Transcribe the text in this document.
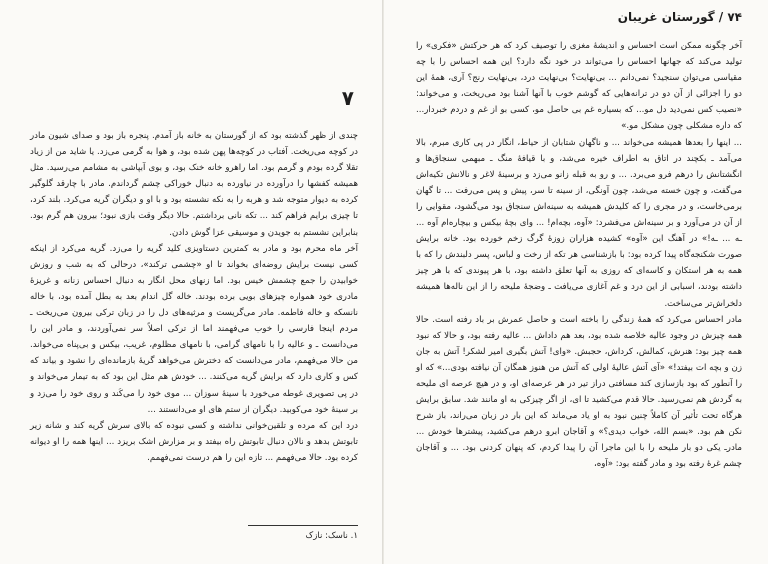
۷

چندی از ظهر گذشته بود که از گورستان به خانه باز آمدم. پنجره باز بود و صدای شیون مادر در کوچه می‌ریخت. آفتاب در کوچه‌ها پهن شده بود، و هوا به گرمی می‌زد. یا شاید من از زیاد تقلا گرده بودم و گرمم بود. اما راهرو خانه خنک بود، و بوی آبپاشی به مشامم می‌رسید. مثل همیشه کفشها را درآورده در نیاورده به دنبال خوراکی چشم گرداندم. مادر با چارقد گلوگیر کرده به دیوار متوجه شد و هربه را به نکه نشسته بود و با او و دیگران گریه می‌کرد. بلند کرد، تا چیزی برایم فراهم کند ... تکه نانی برداشتم. حالا دیگر وقت بازی نبود؛ بیرون هم گرم بود. بنابراین نشستم به جویدن و موسیقی عزا گوش دادن.

آخر ماه محرم بود و مادر به کمترین دستاویزی کلید گریه را می‌زد. گریه می‌کرد از اینکه کسی نیست برایش روضه‌ای بخواند تا او «چشمی ترکند»، درحالی که به شب و روزش خوابیدن را جمع چشمش خیس بود. اما زنهای محل انگار به دنبال احساس زنانه و غریزهٔ مادری خود همواره چیزهای بویی برده بودند. خاله گل اندام بعد به بطل آمده بود، با خاله نانسکه و خاله فاطمه. مادر می‌گریست و مرثیه‌های دل را در زبان ترکی بیرون می‌ریخت ـ مردم اینجا فارسی را خوب می‌فهمند اما از ترکی اصلاً سر نمی‌آوردند، و مادر این را می‌دانست ـ و عالیه را با نامهای گرامی، با نامهای مظلوم، غریب، بیکس و بی‌پناه می‌خواند. من حالا می‌فهمم، مادر می‌دانست که دخترش می‌خواهد گریهٔ بازمانده‌ای را نشود و بیاند که کس و کاری دارد که برایش گریه می‌کنند. ... خودش هم مثل این بود که به تیمار می‌خواند و در پی تصویری غوطه می‌خورد با سینهٔ سوزان ... موی خود را می‌کَند و روی خود را می‌زد و بر سینهٔ خود می‌کوبید. دیگران از ستم های او می‌دانستند ...

درد این که مرده و تلقین‌خوانی نداشته و کسی نبوده که بالای سرش گریه کند و شانه زیر تابوتش بدهد و نالان دنبال تابوتش راه بیفتد و بر مزارش اشک بریزد ... اینها همه را او دیوانه کرده بود. حالا می‌فهمم ... تازه این را هم درست نمی‌فهمم.

۱. ناسک: نازک
۷۴ / گورستان غریبان

آخر چگونه ممکن است احساس و اندیشهٔ مغزی را توصیف کرد که هر حرکتش «فکری» را تولید می‌کند که جهانها احساس را می‌تواند در خود نگه دارد؟ این همه احساس را با چه مقیاسی می‌توان سنجید؟ نمی‌دانم ... بی‌نهایت؟ بی‌نهایت درد، بی‌نهایت رنج؟ آری، همهٔ این دو را اجزائی از آن دو در ترانه‌هایی که گوشم خوب با آنها آشنا بود می‌ریخت، و می‌خواند: «نصیب کس نمی‌دید دل مو... که بسیاره غم بی حاصل مو، کسی بو از غم و دردم خبردار... که داره مشکلی چون مشکل مو.»

... اینها را بعدها همیشه می‌خواند ... و ناگهان شتابان از حیاط، انگار در پی کاری مبرم، بالا می‌آمد ـ بکچند در اتاق به اطراف خیره می‌شد، و با قیافهٔ منگ ـ مبهمی سنجاق‌ها و انگشتانش را درهم فرو می‌برد. ... و رو به قبله زانو می‌زد و برسینهٔ لاغر و نالانش تکیه‌اش می‌گفت، و چون خسته می‌شد، چون آونگی، از سینه تا سر، پیش و پس می‌رفت ... تا گهان برمی‌خاست، و در مجری را که کلیدش همیشه به سینه‌اش سنجاق بود می‌گشود، مقوایی را از آن در می‌آورد و بر سینه‌اش می‌فشرد: «آوه، بچه‌ام! ... وای بچهٔ بیکس و بیچاره‌ام آوه ... ـه ... ـه!» در آهنگ این «آوه» کشیده هزاران زوزهٔ گرگ زخم خورده بود. خانه برایش صورت شکنجه‌گاه پیدا کرده بود: با بازشناسی هر تکه از رخت و لباس، پسر دلبندش را که با همه به هر استکان و کاسه‌ای که روزی به آنها تعلق داشته بود، با هر پیوندی که با هر چیز داشته بودند، اسبابی از این درد و غم آغازی می‌یافت ـ وضجهٔ ملیحه را از این ناله‌ها همیشه دلخراش‌تر می‌ساخت.

مادر احساس می‌کرد که همهٔ زندگی را باخته است و حاصل عمرش بر باد رفته است. حالا همه چیزش در وجود عالیه خلاصه شده بود، بعد هم داداش ... عالیه رفته بود، و حالا که نبود همه چیز بود: هنرش، کمالش، کرداش، حجبش. «وای! آتش بگیری امیر لشکر! آتش به جان زن و بچه ات بیفتد!» «آی آتش عالیهٔ اولی که آتش من هنوز همگان آن نیافته بودی...» که او را آنطور که بود بازسازی کند مسافتی دراز تیر در هر عرصه‌ای او، و در هیچ عرصه ای ملیحه به گردش هم نمی‌رسید. حالا قدم می‌کشید تا ای، از اگر چیزکی به او مانند شد. سابق برایش هرگاه تحت تأثیر آن کاملاً چنین نبود به او یاد می‌ماند که این بار در زبان می‌راند، باز شرح نکن هم بود. «بسم الله، خواب دیدی؟» و آقاجان ابرو درهم می‌کشید، پیشترها خودش ... مادرـ یکی دو بار ملیحه را با این ماجرا آن را پیدا کردم، که پنهان کردنی بود. ... و آقاجان چشم غرهٔ رفته بود و مادر گفته بود: «آوه،
